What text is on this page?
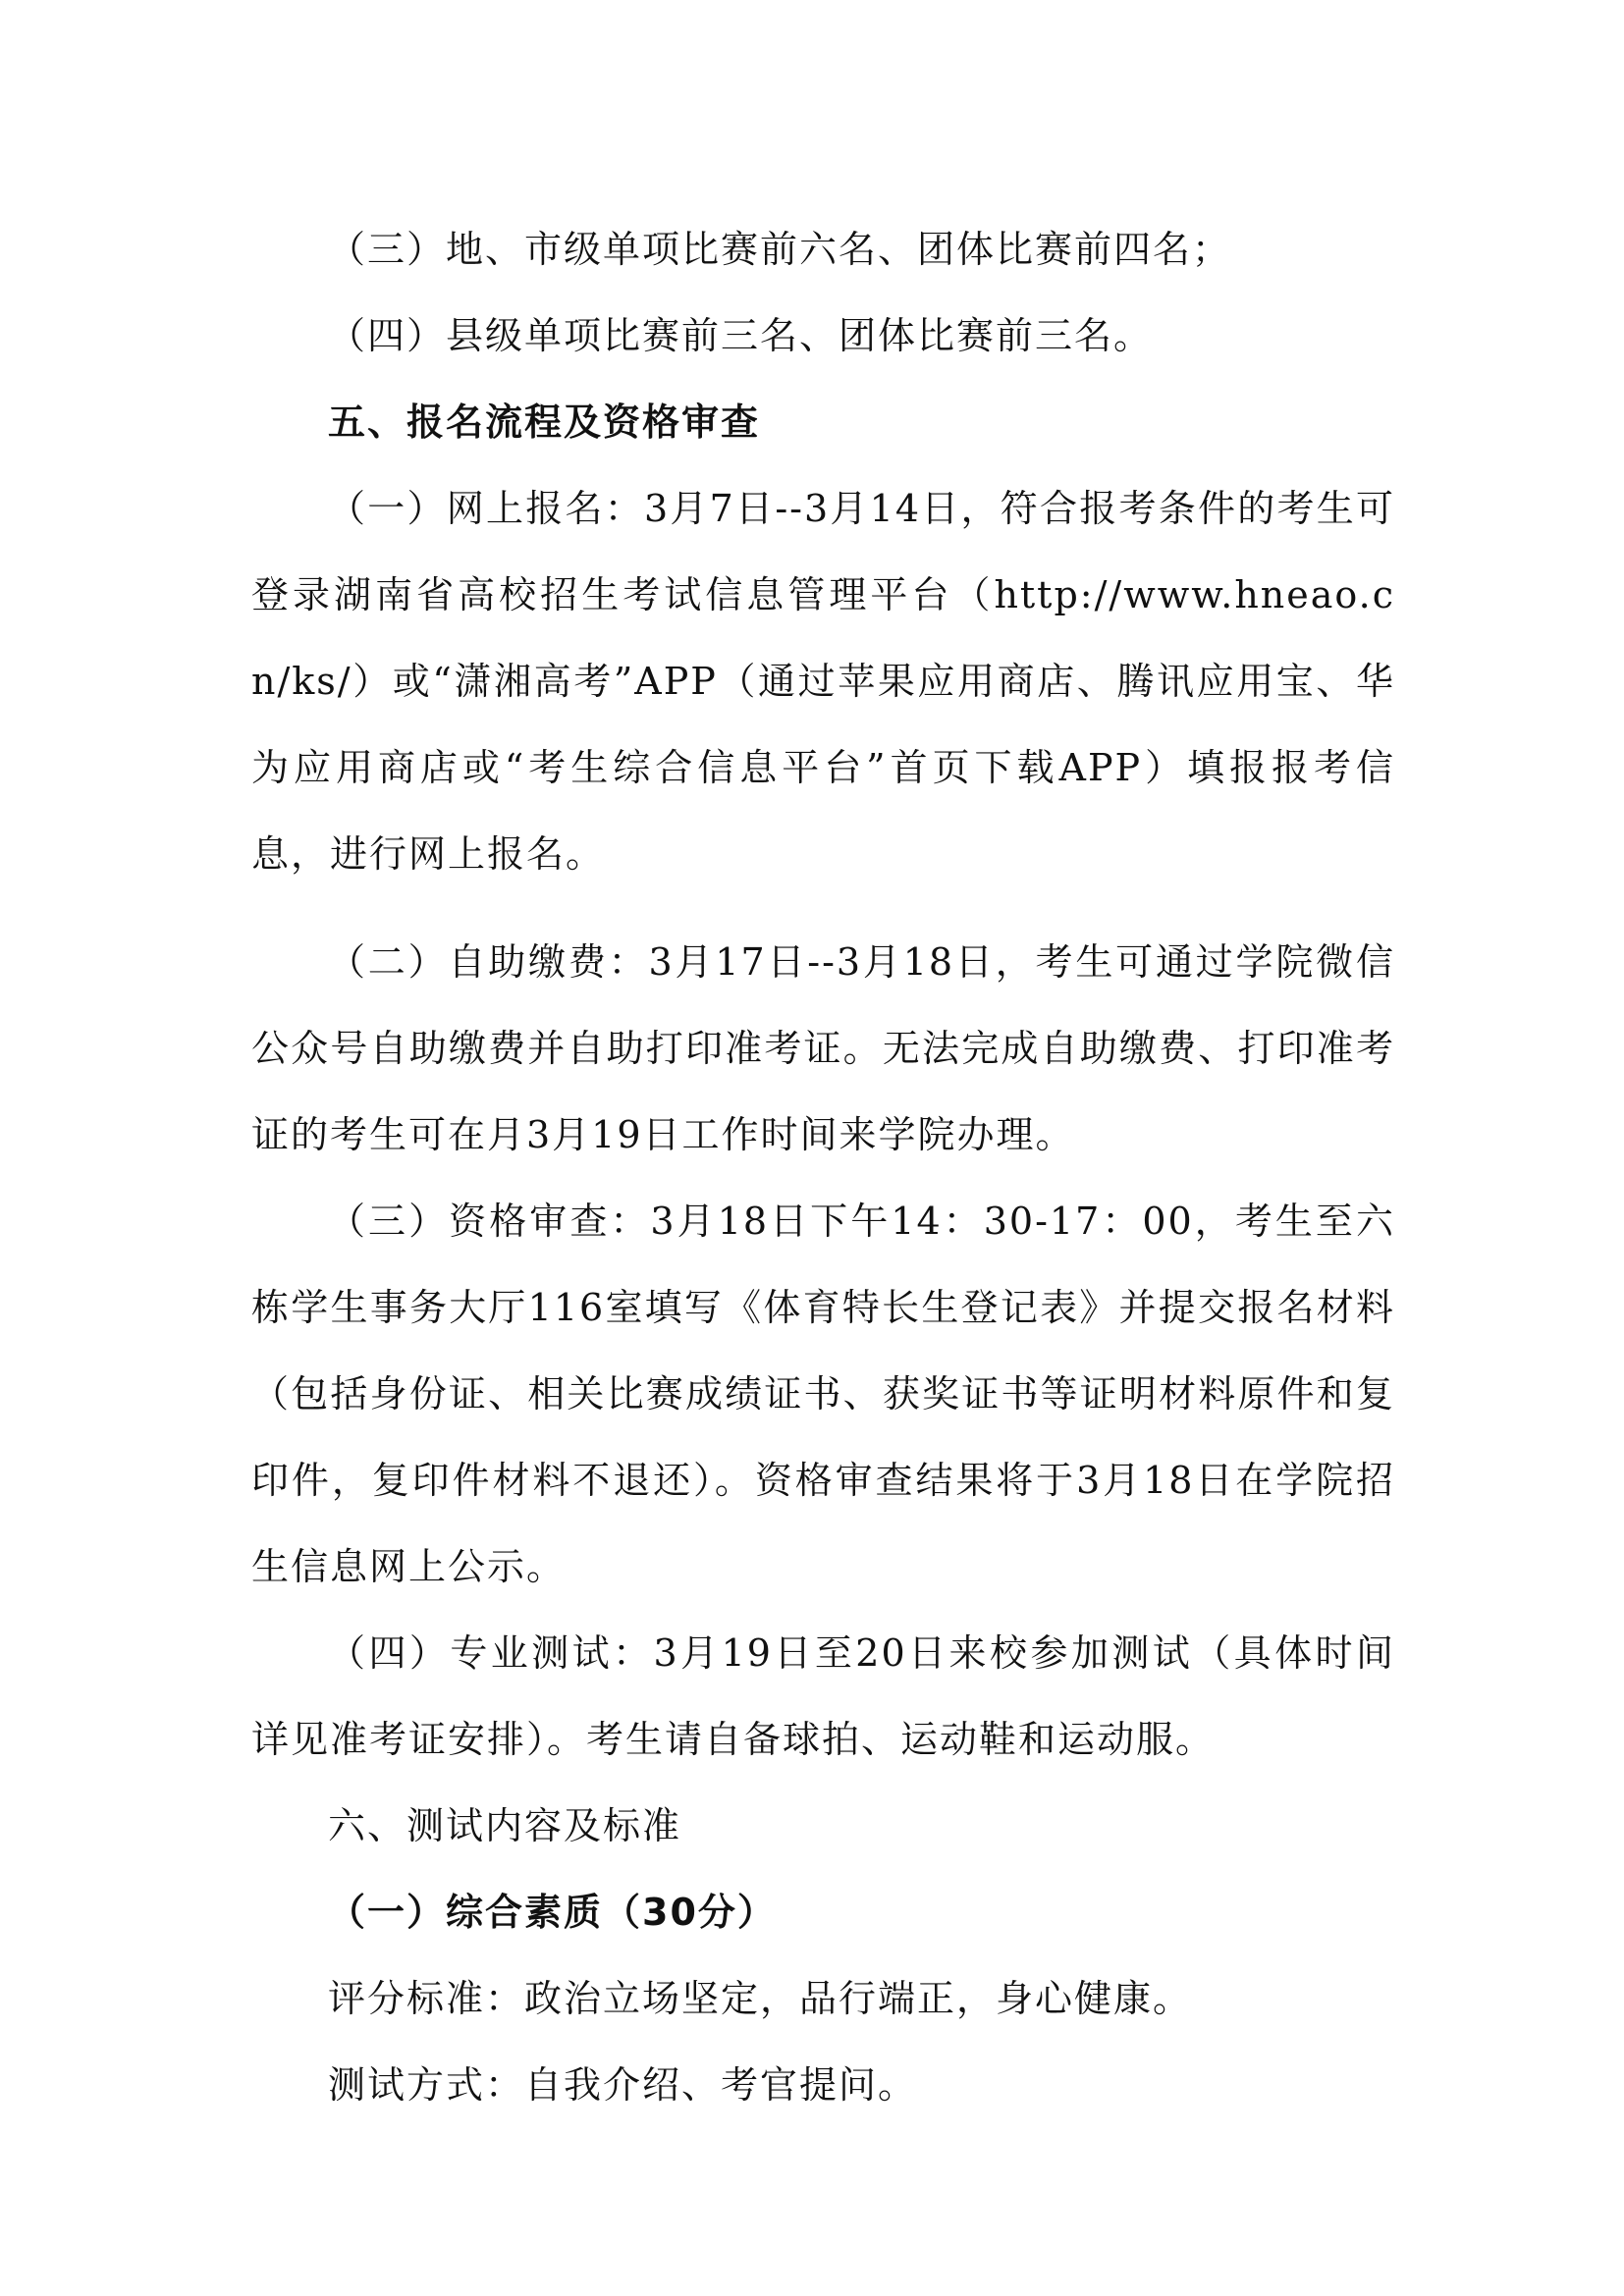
（三）地、市级单项比赛前六名、团体比赛前四名；

（四）县级单项比赛前三名、团体比赛前三名。

五、报名流程及资格审查

（一）网上报名：3月7日--3月14日，符合报考条件的考生可登录湖南省高校招生考试信息管理平台（http://www.hneao.cn/ks/）或“潇湘高考”APP（通过苹果应用商店、腾讯应用宝、华为应用商店或“考生综合信息平台”首页下载APP）填报报考信息，进行网上报名。

（二）自助缴费：3月17日--3月18日，考生可通过学院微信公众号自助缴费并自助打印准考证。无法完成自助缴费、打印准考证的考生可在月3月19日工作时间来学院办理。

（三）资格审查：3月18日下午14：30-17：00，考生至六栋学生事务大厅116室填写《体育特长生登记表》并提交报名材料（包括身份证、相关比赛成绩证书、获奖证书等证明材料原件和复印件，复印件材料不退还）。资格审查结果将于3月18日在学院招生信息网上公示。

（四）专业测试：3月19日至20日来校参加测试（具体时间详见准考证安排）。考生请自备球拍、运动鞋和运动服。

六、测试内容及标准

（一）综合素质（30分）

评分标准：政治立场坚定，品行端正，身心健康。

测试方式：自我介绍、考官提问。
